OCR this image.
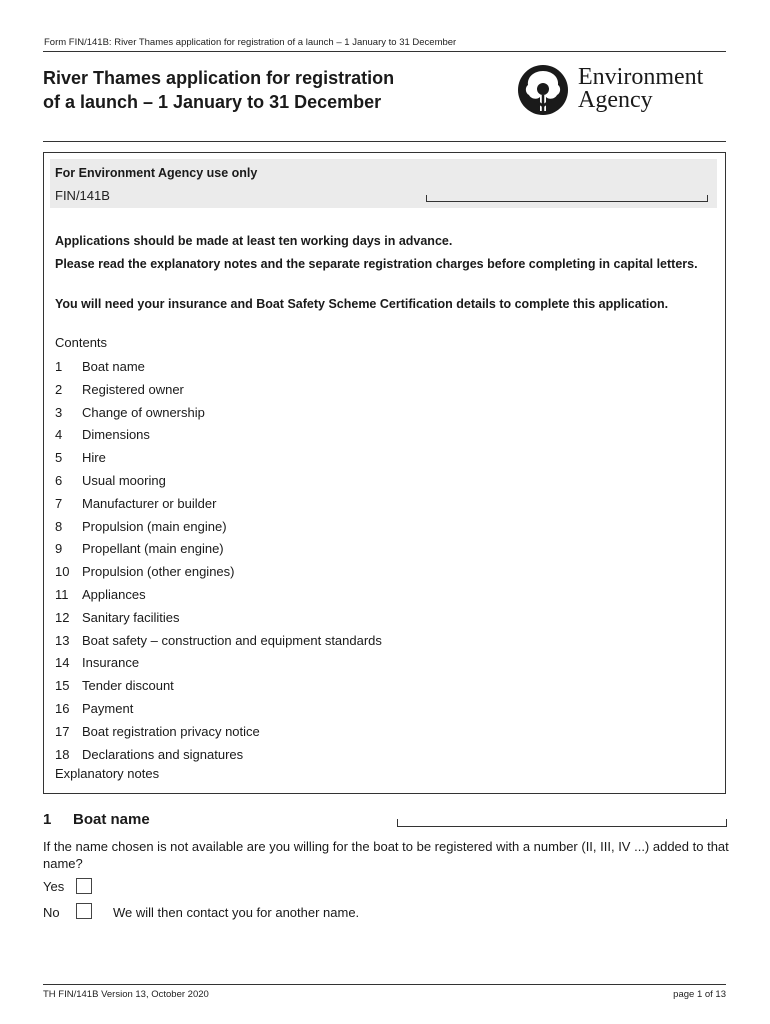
Form FIN/141B: River Thames application for registration of a launch – 1 January to 31 December
River Thames application for registration
of a launch – 1 January to 31 December
Environment
Agency
For Environment Agency use only
FIN/141B
Applications should be made at least ten working days in advance.
Please read the explanatory notes and the separate registration charges before completing in capital letters.
You will need your insurance and Boat Safety Scheme Certification details to complete this application.
Contents
1	Boat name
2	Registered owner
3	Change of ownership
4	Dimensions
5	Hire
6	Usual mooring
7	Manufacturer or builder
8	Propulsion (main engine)
9	Propellant (main engine)
10 Propulsion (other engines)
11	Appliances
12 Sanitary facilities
13 Boat safety – construction and equipment standards
14 Insurance
15 Tender discount
16 Payment
17 Boat registration privacy notice
18 Declarations and signatures
Explanatory notes
1 Boat name
If the name chosen is not available are you willing for the boat to be registered with a number (II, III, IV ...) added to that name?
Yes
No	We will then contact you for another name.
TH FIN/141B Version 13, October 2020	page 1 of 13
